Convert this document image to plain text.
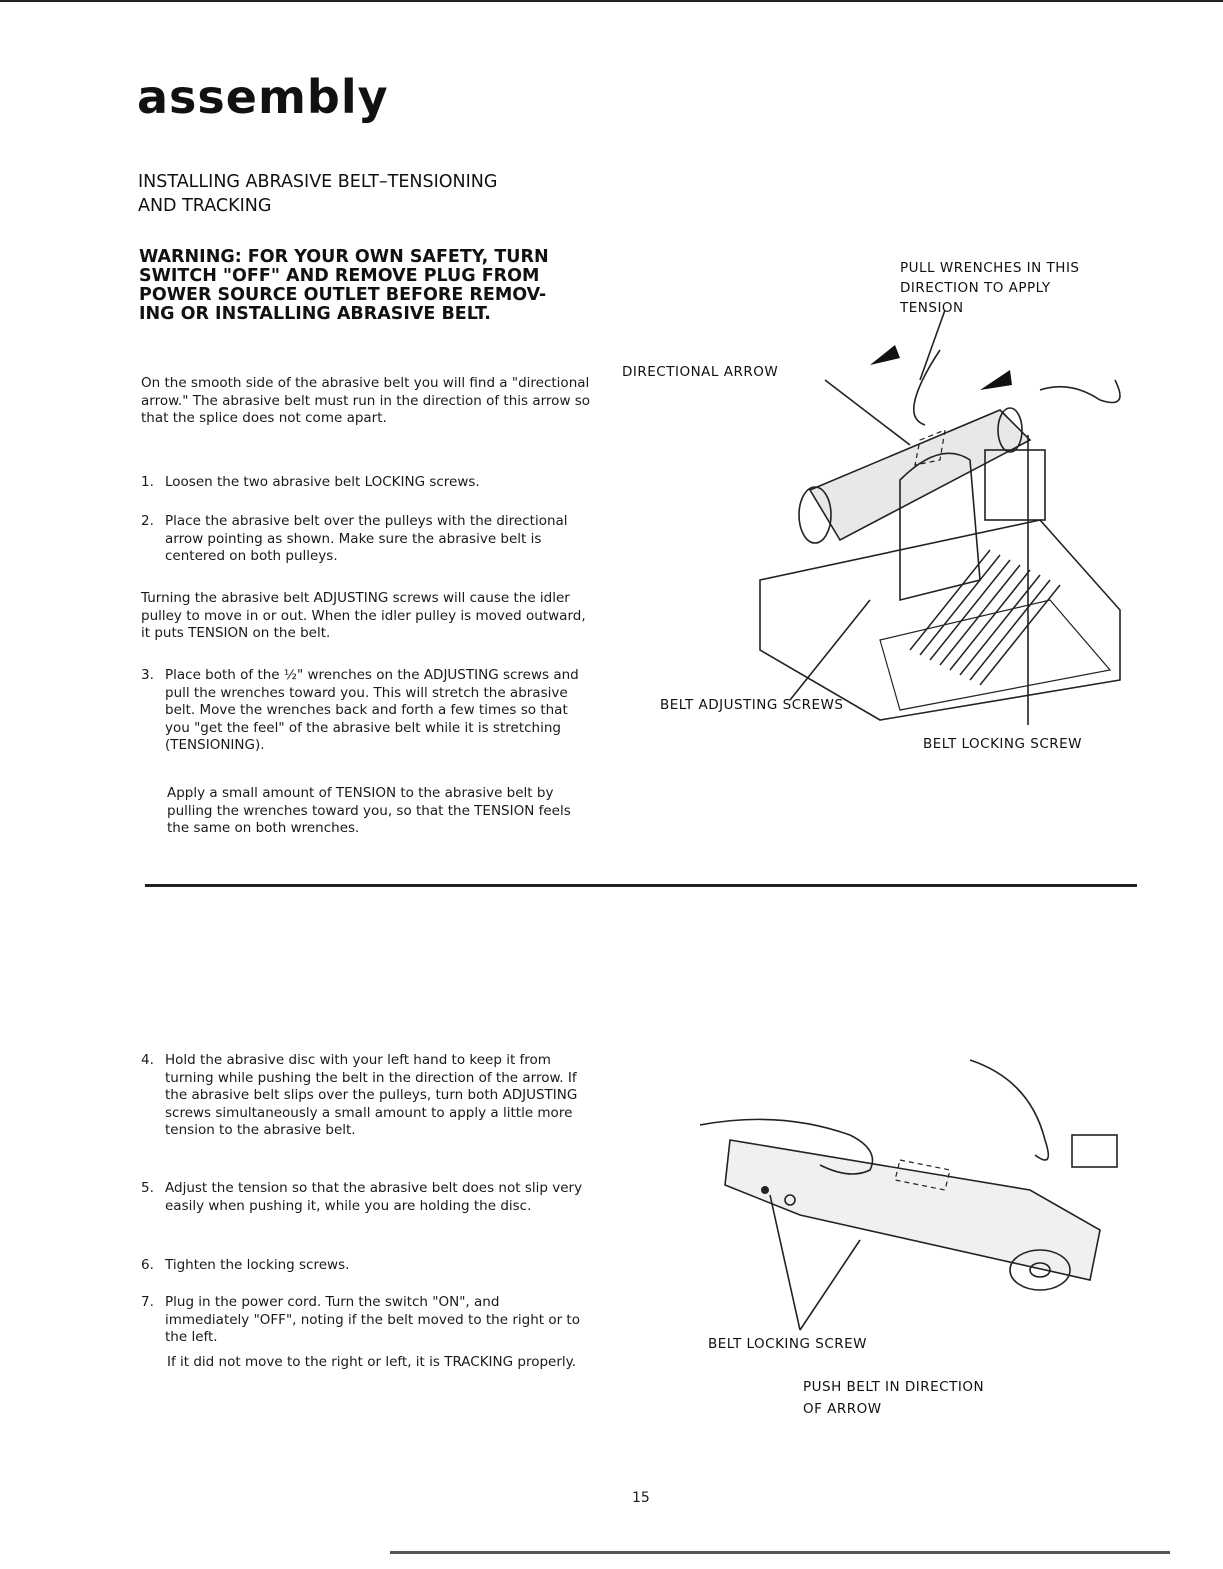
assembly
INSTALLING ABRASIVE BELT–TENSIONING
AND TRACKING
WARNING: FOR YOUR OWN SAFETY, TURN
SWITCH "OFF" AND REMOVE PLUG FROM
POWER SOURCE OUTLET BEFORE REMOV-
ING OR INSTALLING ABRASIVE BELT.
On the smooth side of the abrasive belt you will find a "directional arrow." The abrasive belt must run in the direction of this arrow so that the splice does not come apart.
1. Loosen the two abrasive belt LOCKING screws.
2. Place the abrasive belt over the pulleys with the directional arrow pointing as shown. Make sure the abrasive belt is centered on both pulleys.
Turning the abrasive belt ADJUSTING screws will cause the idler pulley to move in or out. When the idler pulley is moved outward, it puts TENSION on the belt.
3. Place both of the ½" wrenches on the ADJUSTING screws and pull the wrenches toward you. This will stretch the abrasive belt. Move the wrenches back and forth a few times so that you "get the feel" of the abrasive belt while it is stretching (TENSIONING).
Apply a small amount of TENSION to the abrasive belt by pulling the wrenches toward you, so that the TENSION feels the same on both wrenches.
PULL WRENCHES IN THIS
DIRECTION TO APPLY
TENSION
DIRECTIONAL ARROW
BELT ADJUSTING SCREWS
BELT LOCKING SCREW
4. Hold the abrasive disc with your left hand to keep it from turning while pushing the belt in the direction of the arrow. If the abrasive belt slips over the pulleys, turn both ADJUSTING screws simultaneously a small amount to apply a little more tension to the abrasive belt.
5. Adjust the tension so that the abrasive belt does not slip very easily when pushing it, while you are holding the disc.
6. Tighten the locking screws.
7. Plug in the power cord. Turn the switch "ON", and immediately "OFF", noting if the belt moved to the right or to the left.
If it did not move to the right or left, it is TRACKING properly.
BELT LOCKING SCREW
PUSH BELT IN DIRECTION
OF ARROW
15
